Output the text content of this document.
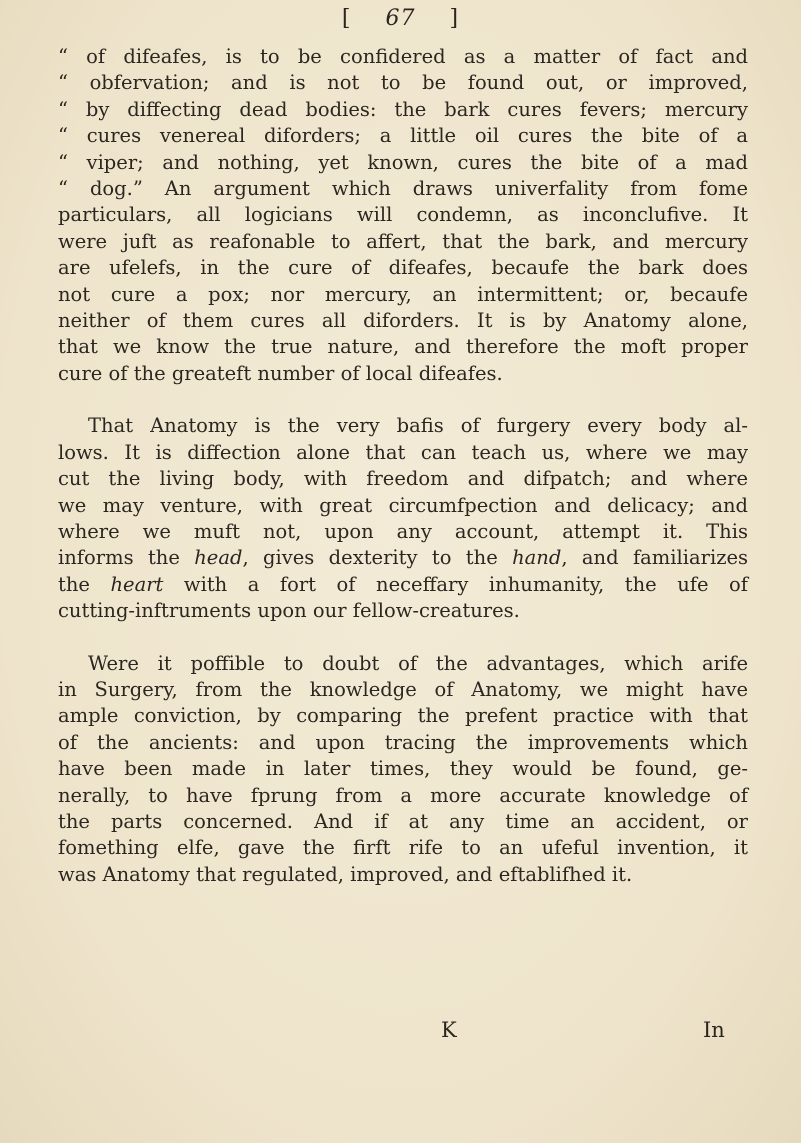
[ 67 ]

“ of difeafes, is to be confidered as a matter of fact and
“ obfervation; and is not to be found out, or improved,
“ by diffecting dead bodies: the bark cures fevers; mercury
“ cures venereal diforders; a little oil cures the bite of a
“ viper; and nothing, yet known, cures the bite of a mad
“ dog.” An argument which draws univerfality from fome
particulars, all logicians will condemn, as inconclufive. It
were juft as reafonable to affert, that the bark, and mercury
are ufelefs, in the cure of difeafes, becaufe the bark does
not cure a pox; nor mercury, an intermittent; or, becaufe
neither of them cures all diforders. It is by Anatomy alone,
that we know the true nature, and therefore the moft proper
cure of the greateft number of local difeafes.

That Anatomy is the very bafis of furgery every body al-
lows. It is diffection alone that can teach us, where we may
cut the living body, with freedom and difpatch; and where
we may venture, with great circumfpection and delicacy; and
where we muft not, upon any account, attempt it. This
informs the head, gives dexterity to the hand, and familiarizes
the heart with a fort of neceffary inhumanity, the ufe of
cutting-inftruments upon our fellow-creatures.

Were it poffible to doubt of the advantages, which arife
in Surgery, from the knowledge of Anatomy, we might have
ample conviction, by comparing the prefent practice with that
of the ancients: and upon tracing the improvements which
have been made in later times, they would be found, ge-
nerally, to have fprung from a more accurate knowledge of
the parts concerned. And if at any time an accident, or
fomething elfe, gave the firft rife to an ufeful invention, it
was Anatomy that regulated, improved, and eftablifhed it.

K	In
